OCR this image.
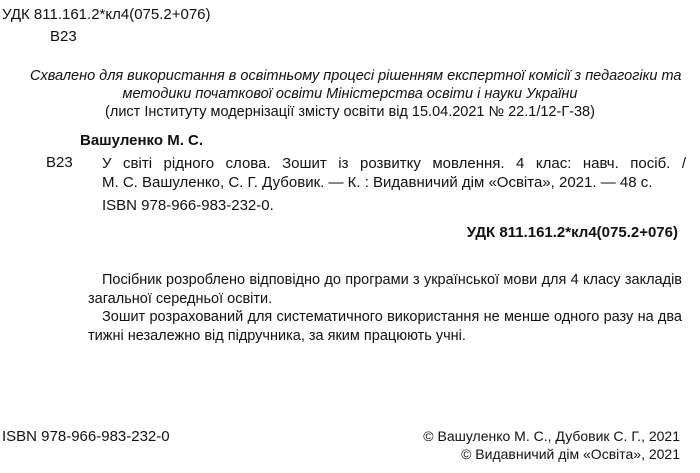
УДК 811.161.2*кл4(075.2+076)
В23
Схвалено для використання в освітньому процесі рішенням експертної комісії з педагогіки та
методики початкової освіти Міністерства освіти і науки України
(лист Інституту модернізації змісту освіти від 15.04.2021 № 22.1/12-Г-38)
Вашуленко М. С.
В23 У світі рідного слова. Зошит із розвитку мовлення. 4 клас: навч. посіб. /
М. С. Вашуленко, С. Г. Дубовик. — К. : Видавничий дім «Освіта», 2021. — 48 с.
ISBN 978-966-983-232-0.
УДК 811.161.2*кл4(075.2+076)
Посібник розроблено відповідно до програми з української мови для 4 класу закладів загальної середньої освіти.
Зошит розрахований для систематичного використання не менше одного разу на два тижні незалежно від підручника, за яким працюють учні.
ISBN 978-966-983-232-0	© Вашуленко М. С., Дубовик С. Г., 2021
© Видавничий дім «Освіта», 2021
